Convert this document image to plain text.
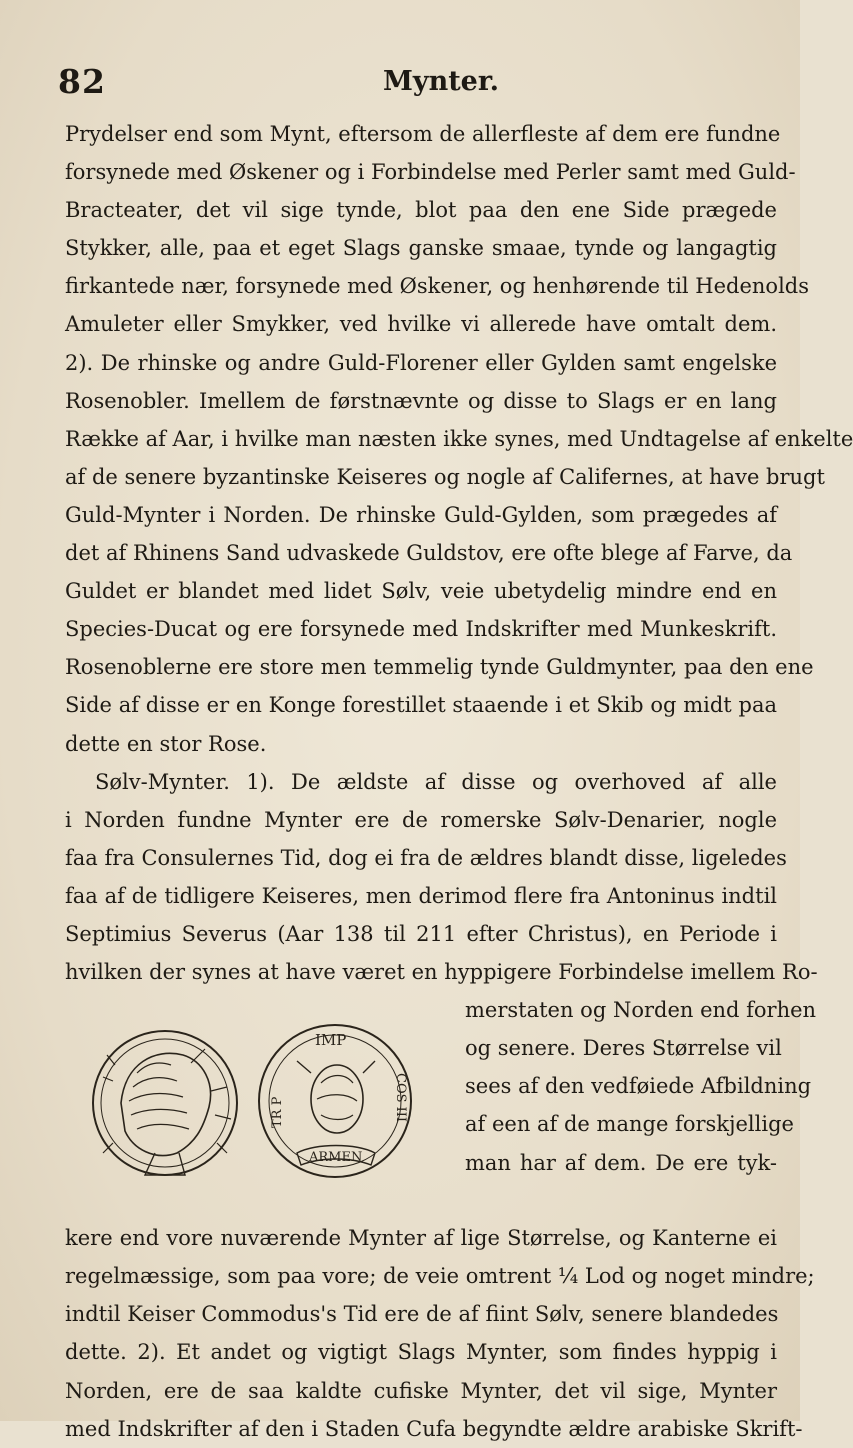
82	Mynter.
Prydelser end som Mynt, eftersom de allerfleste af dem ere fundne
forsynede med Øskener og i Forbindelse med Perler samt med Guld-
Bracteater, det vil sige tynde, blot paa den ene Side prægede
Stykker, alle, paa et eget Slags ganske smaae, tynde og langagtig
firkantede nær, forsynede med Øskener, og henhørende til Hedenolds
Amuleter eller Smykker, ved hvilke vi allerede have omtalt dem.
2). De rhinske og andre Guld-Florener eller Gylden samt engelske
Rosenobler. Imellem de førstnævnte og disse to Slags er en lang
Række af Aar, i hvilke man næsten ikke synes, med Undtagelse af enkelte
af de senere byzantinske Keiseres og nogle af Califernes, at have brugt
Guld-Mynter i Norden. De rhinske Guld-Gylden, som prægedes af
det af Rhinens Sand udvaskede Guldstov, ere ofte blege af Farve, da
Guldet er blandet med lidet Sølv, veie ubetydelig mindre end en
Species-Ducat og ere forsynede med Indskrifter med Munkeskrift.
Rosenoblerne ere store men temmelig tynde Guldmynter, paa den ene
Side af disse er en Konge forestillet staaende i et Skib og midt paa
dette en stor Rose.
Sølv-Mynter. 1). De ældste af disse og overhoved af alle
i Norden fundne Mynter ere de romerske Sølv-Denarier, nogle
faa fra Consulernes Tid, dog ei fra de ældres blandt disse, ligeledes
faa af de tidligere Keiseres, men derimod flere fra Antoninus indtil
Septimius Severus (Aar 138 til 211 efter Christus), en Periode i
hvilken der synes at have været en hyppigere Forbindelse imellem Ro-
IMP
TR P	COS III
ARMEN
merstaten og Norden end forhen
og senere. Deres Størrelse vil
sees af den vedføiede Afbildning
af een af de mange forskjellige
man har af dem. De ere tyk-
kere end vore nuværende Mynter af lige Størrelse, og Kanterne ei
regelmæssige, som paa vore; de veie omtrent ¼ Lod og noget mindre;
indtil Keiser Commodus's Tid ere de af fiint Sølv, senere blandedes
dette. 2). Et andet og vigtigt Slags Mynter, som findes hyppig i
Norden, ere de saa kaldte cufiske Mynter, det vil sige, Mynter
med Indskrifter af den i Staden Cufa begyndte ældre arabiske Skrift-
